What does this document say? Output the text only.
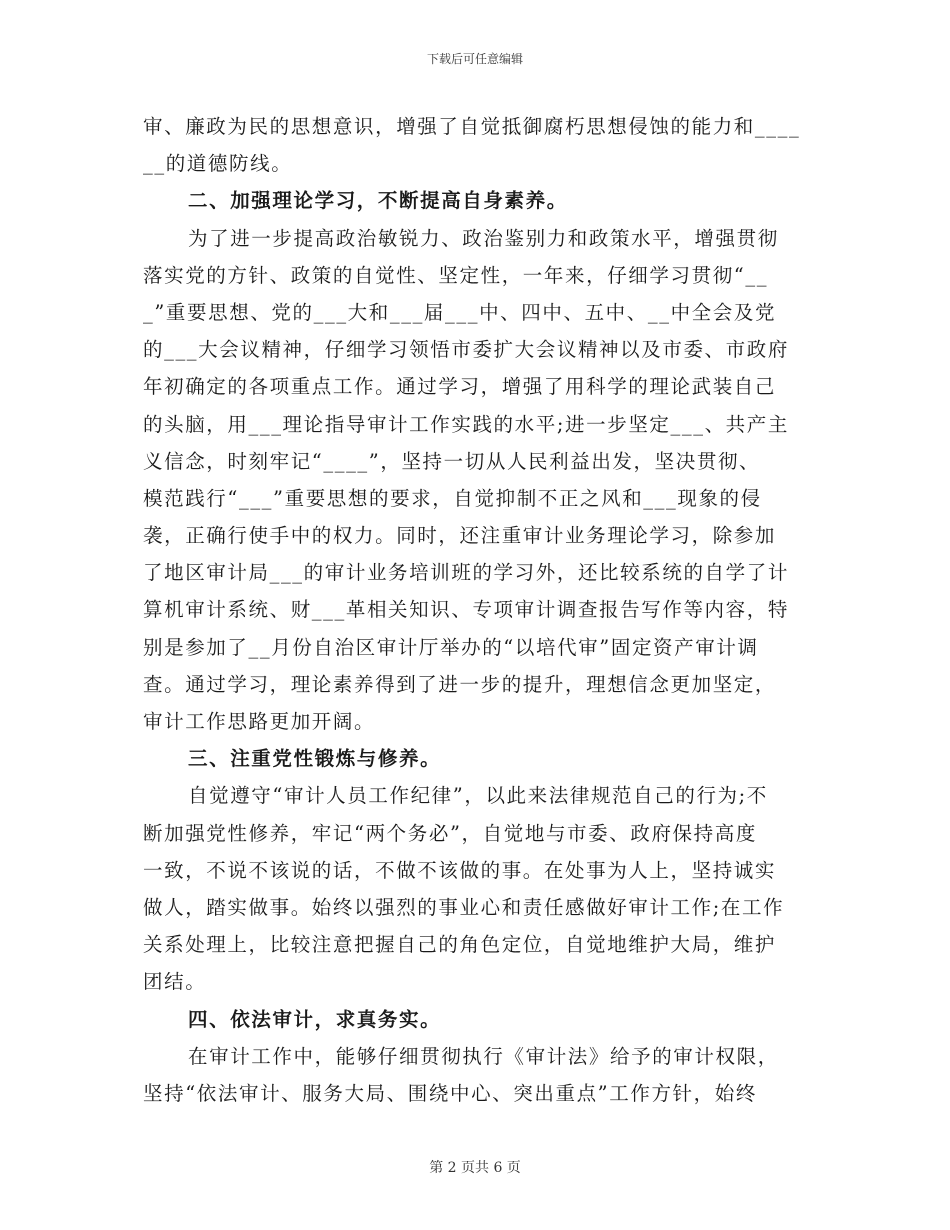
下载后可任意编辑
审、廉政为民的思想意识，增强了自觉抵御腐朽思想侵蚀的能力和____
__的道德防线。
二、加强理论学习，不断提高自身素养。
为了进一步提高政治敏锐力、政治鉴别力和政策水平，增强贯彻
落实党的方针、政策的自觉性、坚定性，一年来，仔细学习贯彻“__
_”重要思想、党的___大和___届___中、四中、五中、__中全会及党
的___大会议精神，仔细学习领悟市委扩大会议精神以及市委、市政府
年初确定的各项重点工作。通过学习，增强了用科学的理论武装自己
的头脑，用___理论指导审计工作实践的水平;进一步坚定___、共产主
义信念，时刻牢记“____”，坚持一切从人民利益出发，坚决贯彻、
模范践行“___”重要思想的要求，自觉抑制不正之风和___现象的侵
袭，正确行使手中的权力。同时，还注重审计业务理论学习，除参加
了地区审计局___的审计业务培训班的学习外，还比较系统的自学了计
算机审计系统、财___革相关知识、专项审计调查报告写作等内容，特
别是参加了__月份自治区审计厅举办的“以培代审”固定资产审计调
查。通过学习，理论素养得到了进一步的提升，理想信念更加坚定，
审计工作思路更加开阔。
三、注重党性锻炼与修养。
自觉遵守“审计人员工作纪律”，以此来法律规范自己的行为;不
断加强党性修养，牢记“两个务必”，自觉地与市委、政府保持高度
一致，不说不该说的话，不做不该做的事。在处事为人上，坚持诚实
做人，踏实做事。始终以强烈的事业心和责任感做好审计工作;在工作
关系处理上，比较注意把握自己的角色定位，自觉地维护大局，维护
团结。
四、依法审计，求真务实。
在审计工作中，能够仔细贯彻执行《审计法》给予的审计权限，
坚持“依法审计、服务大局、围绕中心、突出重点”工作方针，始终
第 2 页共 6 页
